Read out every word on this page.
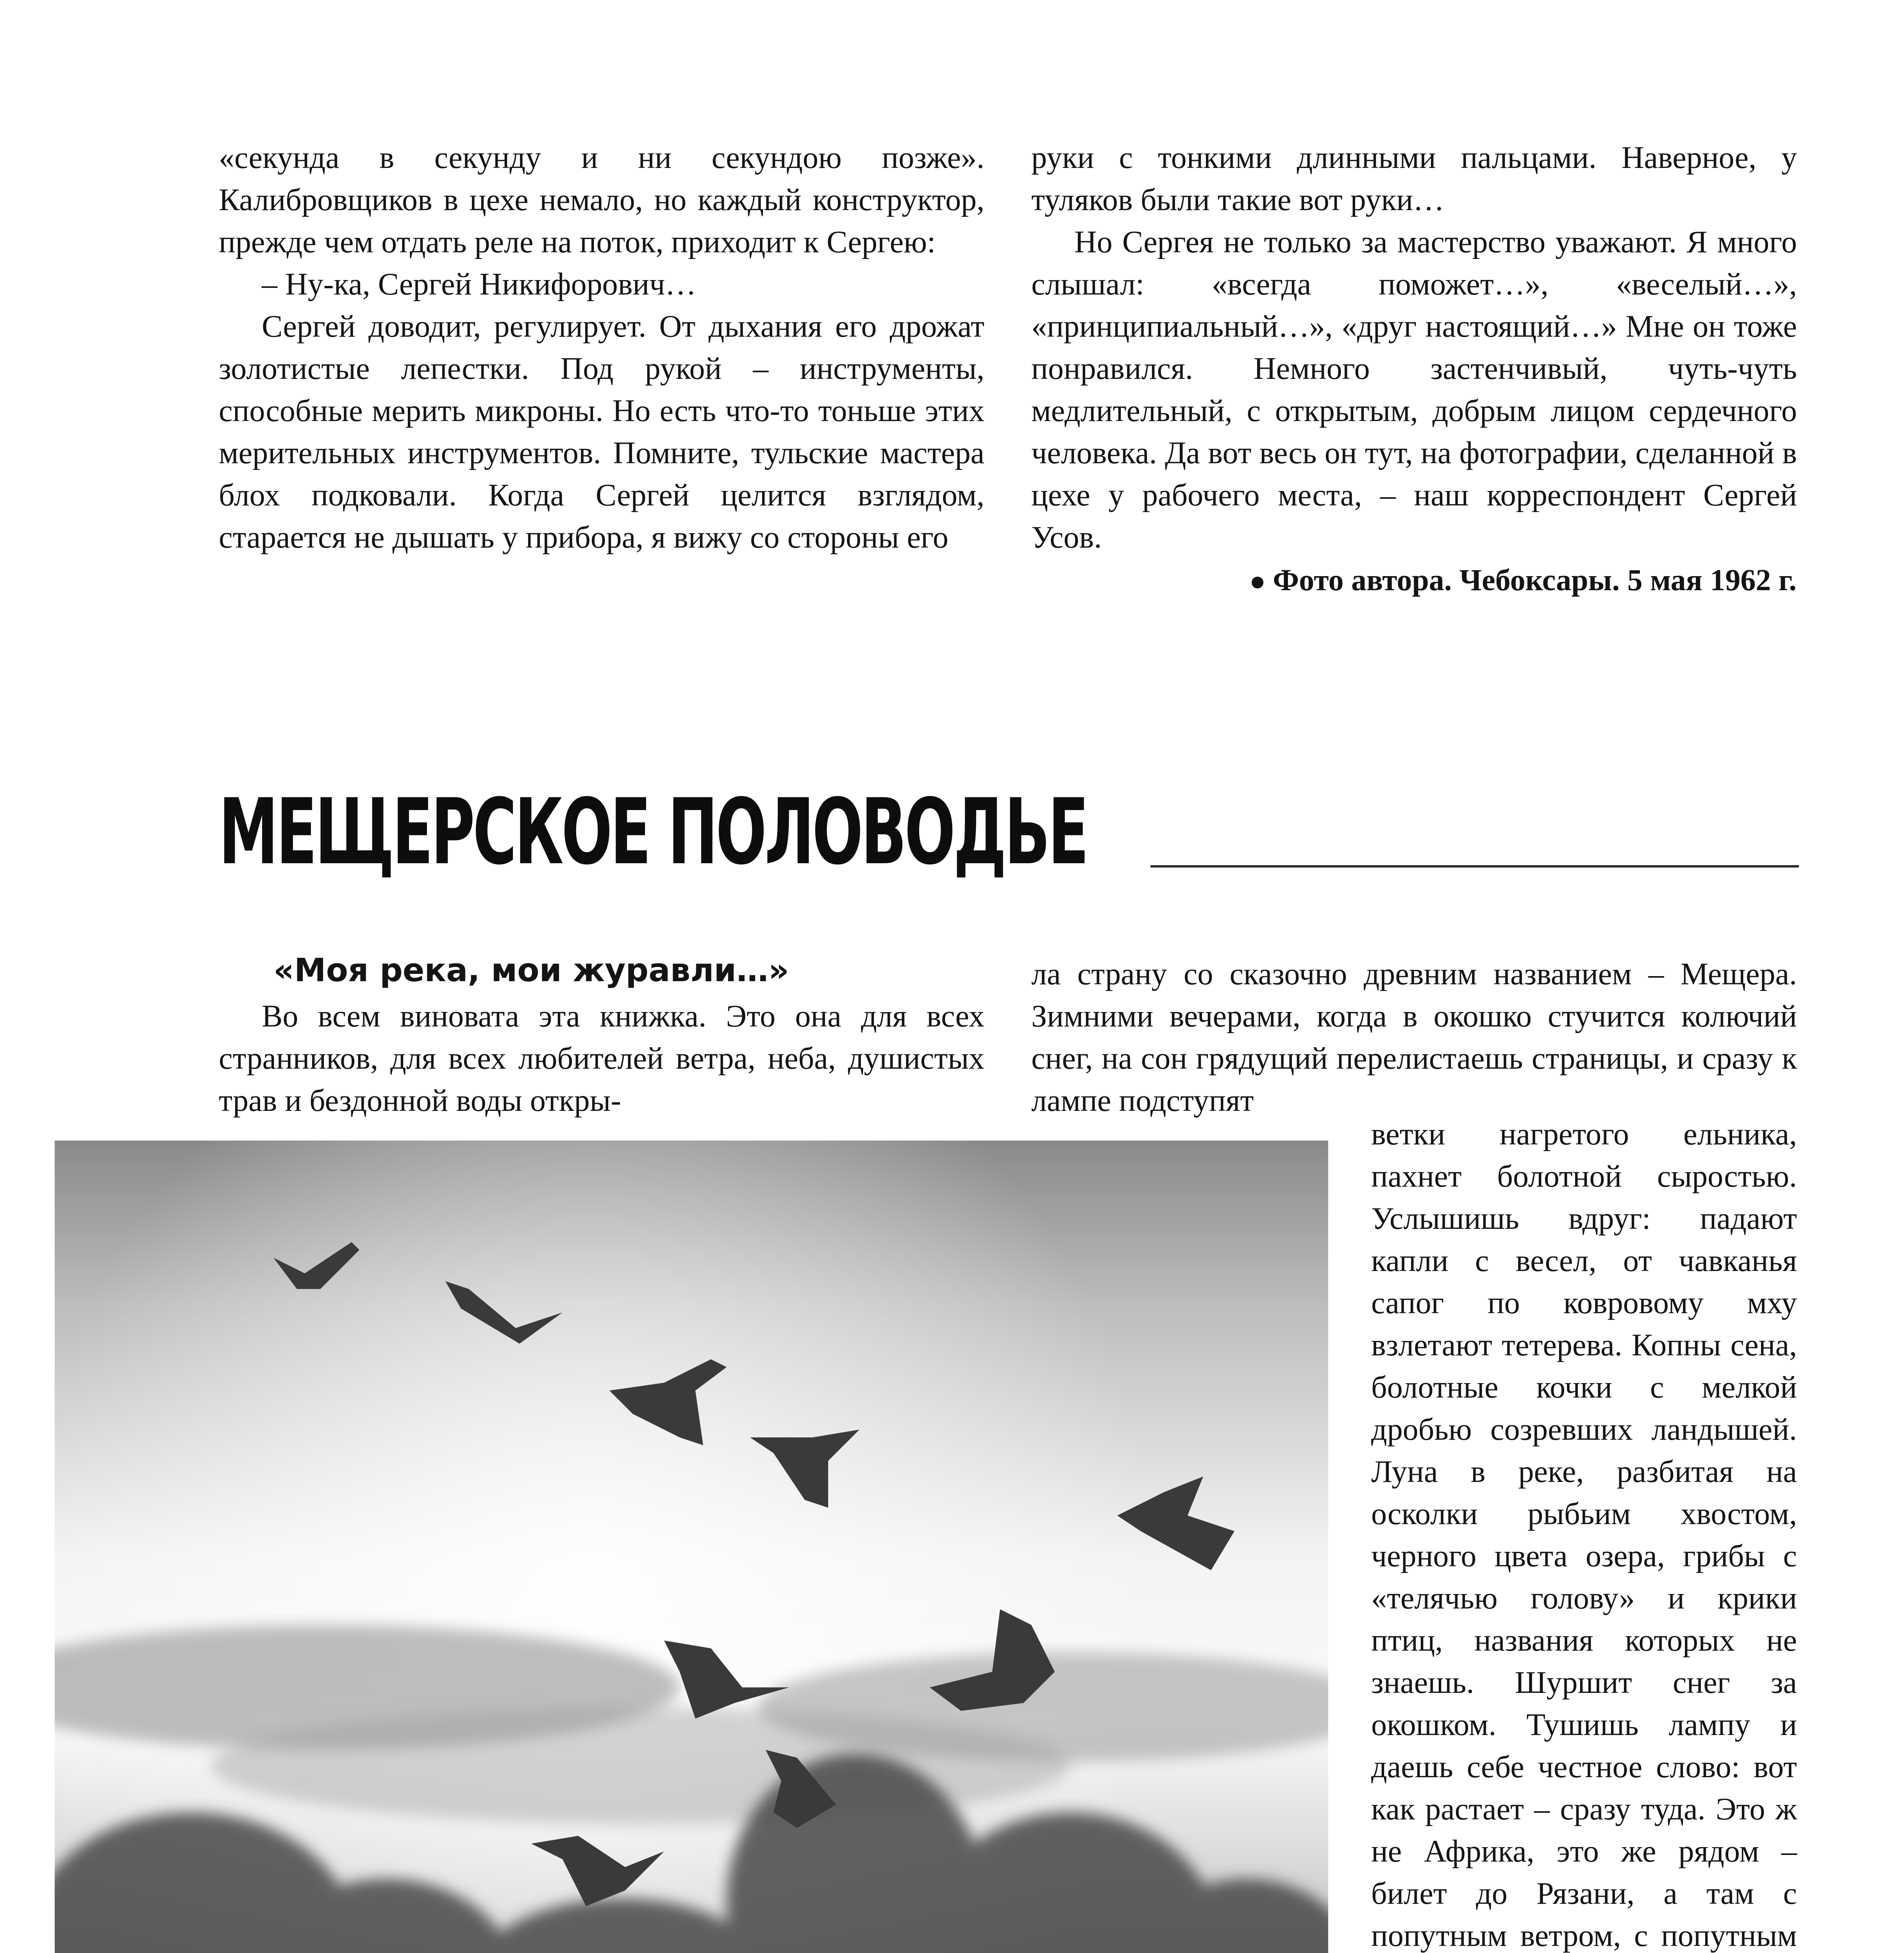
«секунда в секунду и ни секундою позже». Калибровщиков в цехе немало, но каждый конструктор, прежде чем отдать реле на поток, приходит к Сергею:

– Ну-ка, Сергей Никифорович…

Сергей доводит, регулирует. От дыхания его дрожат золотистые лепестки. Под рукой – инструменты, способные мерить микроны. Но есть что-то тоньше этих мерительных инструментов. Помните, тульские мастера блох подковали. Когда Сергей целится взглядом, старается не дышать у прибора, я вижу со стороны его

руки с тонкими длинными пальцами. Наверное, у туляков были такие вот руки…

Но Сергея не только за мастерство уважают. Я много слышал: «всегда поможет…», «веселый…», «принципиальный…», «друг настоящий…» Мне он тоже понравился. Немного застенчивый, чуть-чуть медлительный, с открытым, добрым лицом сердечного человека. Да вот весь он тут, на фотографии, сделанной в цехе у рабочего места, – наш корреспондент Сергей Усов.

● Фото автора. Чебоксары. 5 мая 1962 г.
МЕЩЕРСКОЕ ПОЛОВОДЬЕ
«Моя река, мои журавли…»

Во всем виновата эта книжка. Это она для всех странников, для всех любителей ветра, неба, душистых трав и бездонной воды откры-

ла страну со сказочно древним названием – Мещера. Зимними вечерами, когда в окошко стучится колючий снег, на сон грядущий перелистаешь страницы, и сразу к лампе подступят

ветки нагретого ельника, пахнет болотной сыростью. Услышишь вдруг: падают капли с весел, от чавканья сапог по ковровому мху взлетают тетерева. Копны сена, болотные кочки с мелкой дробью созревших ландышей. Луна в реке, разбитая на осколки рыбьим хвостом, черного цвета озера, грибы с «телячью голову» и крики птиц, названия которых не знаешь. Шуршит снег за окошком. Тушишь лампу и даешь себе честное слово: вот как растает – сразу туда. Это ж не Африка, это же рядом – билет до Рязани, а там с попутным ветром, с попутным
